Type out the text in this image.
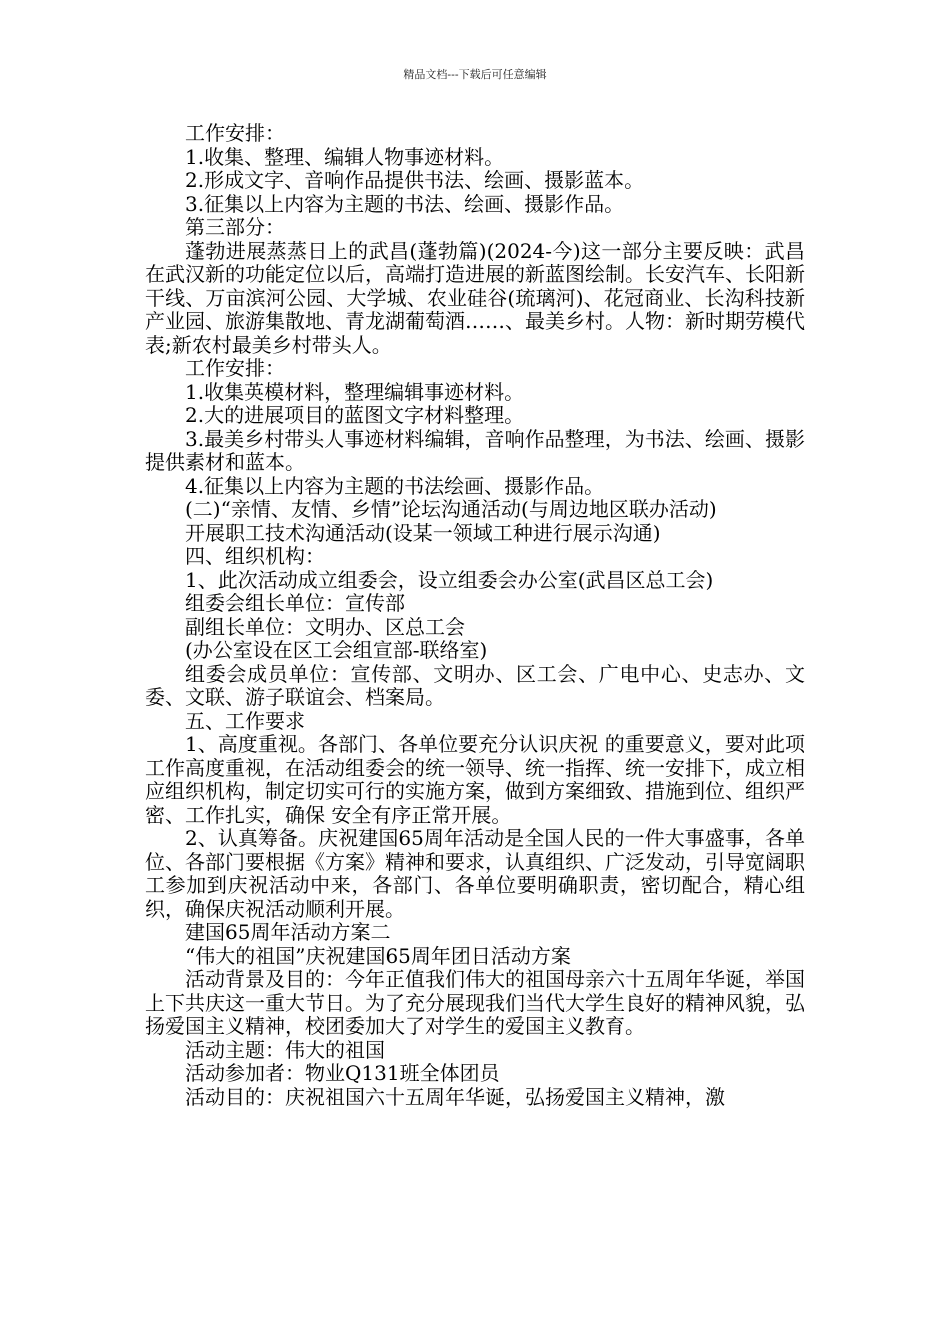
精品文档---下载后可任意编辑

工作安排：

1.收集、整理、编辑人物事迹材料。

2.形成文字、音响作品提供书法、绘画、摄影蓝本。

3.征集以上内容为主题的书法、绘画、摄影作品。

第三部分：

蓬勃进展蒸蒸日上的武昌(蓬勃篇)(2024-今)这一部分主要反映：武昌在武汉新的功能定位以后，高端打造进展的新蓝图绘制。长安汽车、长阳新干线、万亩滨河公园、大学城、农业硅谷(琉璃河)、花冠商业、长沟科技新产业园、旅游集散地、青龙湖葡萄酒……、最美乡村。人物：新时期劳模代表;新农村最美乡村带头人。

工作安排：

1.收集英模材料，整理编辑事迹材料。

2.大的进展项目的蓝图文字材料整理。

3.最美乡村带头人事迹材料编辑，音响作品整理，为书法、绘画、摄影提供素材和蓝本。

4.征集以上内容为主题的书法绘画、摄影作品。

(二)“亲情、友情、乡情”论坛沟通活动(与周边地区联办活动)

开展职工技术沟通活动(设某一领域工种进行展示沟通)

四、组织机构：

1、此次活动成立组委会，设立组委会办公室(武昌区总工会)

组委会组长单位：宣传部

副组长单位：文明办、区总工会

(办公室设在区工会组宣部-联络室)

组委会成员单位：宣传部、文明办、区工会、广电中心、史志办、文委、文联、游子联谊会、档案局。

五、工作要求

1、高度重视。各部门、各单位要充分认识庆祝 的重要意义，要对此项工作高度重视，在活动组委会的统一领导、统一指挥、统一安排下，成立相应组织机构，制定切实可行的实施方案，做到方案细致、措施到位、组织严密、工作扎实，确保 安全有序正常开展。

2、认真筹备。庆祝建国65周年活动是全国人民的一件大事盛事，各单位、各部门要根据《方案》精神和要求，认真组织、广泛发动，引导宽阔职工参加到庆祝活动中来，各部门、各单位要明确职责，密切配合，精心组织，确保庆祝活动顺利开展。

建国65周年活动方案二

“伟大的祖国”庆祝建国65周年团日活动方案

活动背景及目的：今年正值我们伟大的祖国母亲六十五周年华诞，举国上下共庆这一重大节日。为了充分展现我们当代大学生良好的精神风貌，弘扬爱国主义精神，校团委加大了对学生的爱国主义教育。

活动主题：伟大的祖国

活动参加者：物业Q131班全体团员

活动目的：庆祝祖国六十五周年华诞，弘扬爱国主义精神，激
